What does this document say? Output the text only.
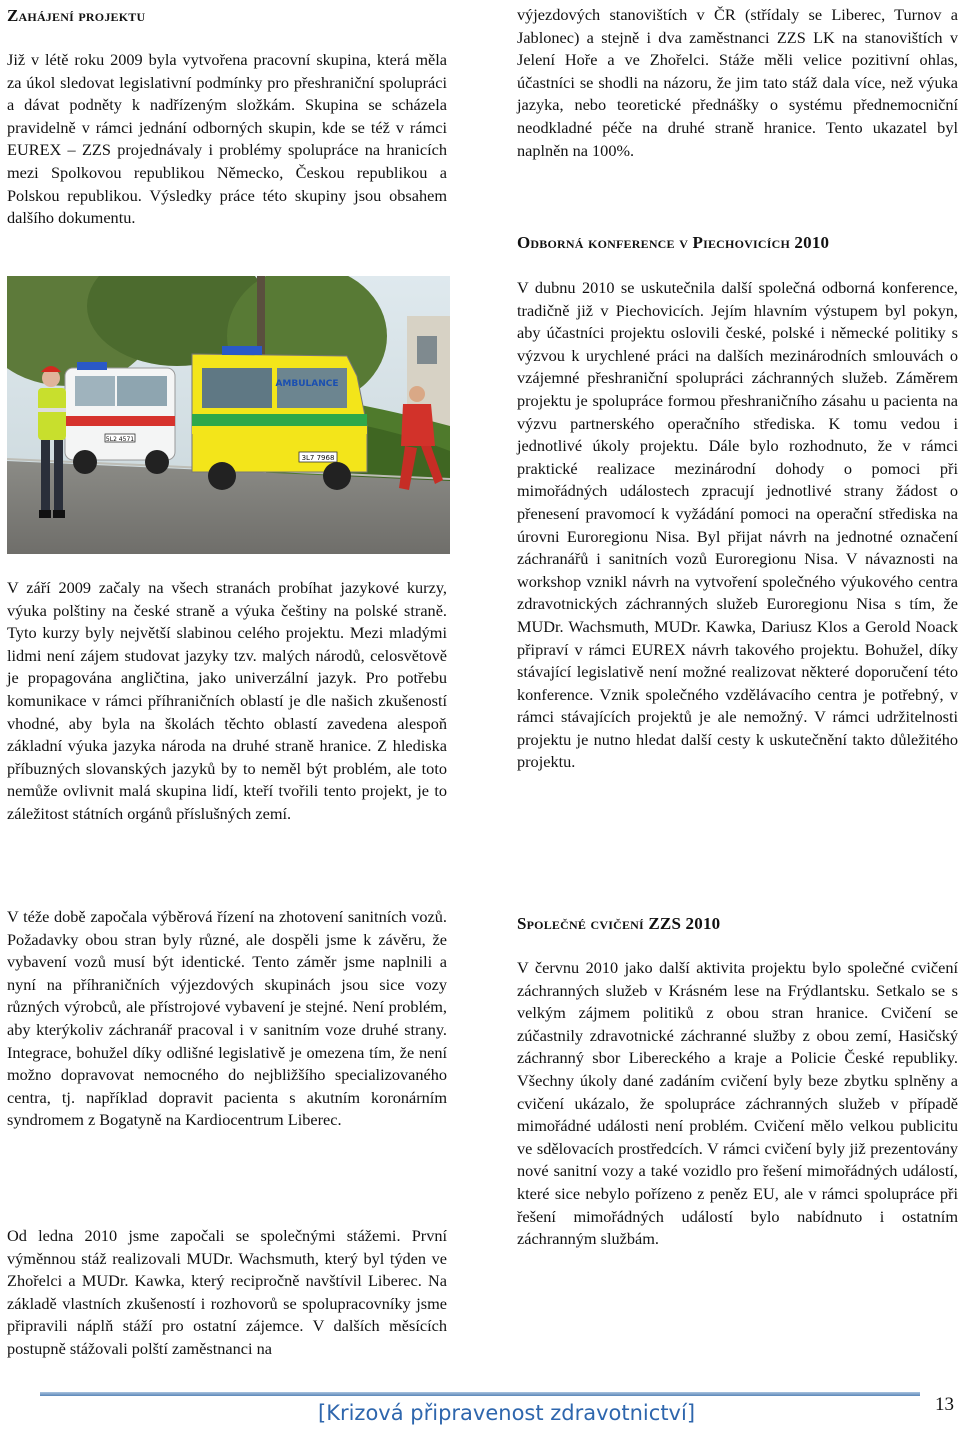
Zahájení projektu

Již v létě roku 2009 byla vytvořena pracovní skupina, která měla za úkol sledovat legislativní podmínky pro přeshraniční spolupráci a dávat podněty k nadřízeným složkám. Skupina se scházela pravidelně v rámci jednání odborných skupin, kde se též v rámci EUREX – ZZS projednávaly i problémy spolupráce na hranicích mezi Spolkovou republikou Německo, Českou republikou a Polskou republikou. Výsledky práce této skupiny jsou obsahem dalšího dokumentu.

V září 2009 začaly na všech stranách probíhat jazykové kurzy, výuka polštiny na české straně a výuka češtiny na polské straně. Tyto kurzy byly největší slabinou celého projektu. Mezi mladými lidmi není zájem studovat jazyky tzv. malých národů, celosvětově je propagována angličtina, jako univerzální jazyk. Pro potřebu komunikace v rámci příhraničních oblastí je dle našich zkušeností vhodné, aby byla na školách těchto oblastí zavedena alespoň základní výuka jazyka národa na druhé straně hranice. Z hlediska příbuzných slovanských jazyků by to neměl být problém, ale toto nemůže ovlivnit malá skupina lidí, kteří tvořili tento projekt, je to záležitost státních orgánů příslušných zemí.

V téže době započala výběrová řízení na zhotovení sanitních vozů. Požadavky obou stran byly různé, ale dospěli jsme k závěru, že vybavení vozů musí být identické. Tento záměr jsme naplnili a nyní na příhraničních výjezdových skupinách jsou sice vozy různých výrobců, ale přístrojové vybavení je stejné. Není problém, aby kterýkoliv záchranář pracoval i v sanitním voze druhé strany. Integrace, bohužel díky odlišné legislativě je omezena tím, že není možno dopravovat nemocného do nejbližšího specializovaného centra, tj. například dopravit pacienta s akutním koronárním syndromem z Bogatyně na Kardiocentrum Liberec.

Od ledna 2010 jsme započali se společnými stážemi. První výměnnou stáž realizovali MUDr. Wachsmuth, který byl týden ve Zhořelci a MUDr. Kawka, který recipročně navštívil Liberec. Na základě vlastních zkušeností i rozhovorů se spolupracovníky jsme připravili náplň stáží pro ostatní zájemce. V dalších měsících postupně stážovali polští zaměstnanci na

5L2 4571
AMBULANCE
3L7 7968

výjezdových stanovištích v ČR (střídaly se Liberec, Turnov a Jablonec) a stejně i dva zaměstnanci ZZS LK na stanovištích v Jelení Hoře a ve Zhořelci. Stáže měli velice pozitivní ohlas, účastníci se shodli na názoru, že jim tato stáž dala více, než výuka jazyka, nebo teoretické přednášky o systému přednemocniční neodkladné péče na druhé straně hranice. Tento ukazatel byl naplněn na 100%.

Odborná konference v Piechovicích 2010

V dubnu 2010 se uskutečnila další společná odborná konference, tradičně již v Piechovicích. Jejím hlavním výstupem byl pokyn, aby účastníci projektu oslovili české, polské i německé politiky s výzvou k urychlené práci na dalších mezinárodních smlouvách o vzájemné přeshraniční spolupráci záchranných služeb. Záměrem projektu je spolupráce formou přeshraničního zásahu u pacienta na výzvu partnerského operačního střediska. K tomu vedou i jednotlivé úkoly projektu. Dále bylo rozhodnuto, že v rámci praktické realizace mezinárodní dohody o pomoci při mimořádných událostech zpracují jednotlivé strany žádost o přenesení pravomocí k vyžádání pomoci na operační střediska na úrovni Euroregionu Nisa. Byl přijat návrh na jednotné označení záchranářů i sanitních vozů Euroregionu Nisa. V návaznosti na workshop vznikl návrh na vytvoření společného výukového centra zdravotnických záchranných služeb Euroregionu Nisa s tím, že MUDr. Wachsmuth, MUDr. Kawka, Dariusz Klos a Gerold Noack připraví v rámci EUREX návrh takového projektu. Bohužel, díky stávající legislativě není možné realizovat některé doporučení této konference. Vznik společného vzdělávacího centra je potřebný, v rámci stávajících projektů je ale nemožný. V rámci udržitelnosti projektu je nutno hledat další cesty k uskutečnění takto důležitého projektu.

Společné cvičení ZZS 2010

V červnu 2010 jako další aktivita projektu bylo společné cvičení záchranných služeb v Krásném lese na Frýdlantsku. Setkalo se s velkým zájmem politiků z obou stran hranice. Cvičení se zúčastnily zdravotnické záchranné služby z obou zemí, Hasičský záchranný sbor Libereckého a kraje a Policie České republiky. Všechny úkoly dané zadáním cvičení byly beze zbytku splněny a cvičení ukázalo, že spolupráce záchranných služeb v případě mimořádné události není problém. Cvičení mělo velkou publicitu ve sdělovacích prostředcích. V rámci cvičení byly již prezentovány nové sanitní vozy a také vozidlo pro řešení mimořádných událostí, které sice nebylo pořízeno z peněz EU, ale v rámci spolupráce při řešení mimořádných událostí bylo nabídnuto i ostatním záchranným službám.

[Krizová připravenost zdravotnictví]	13
